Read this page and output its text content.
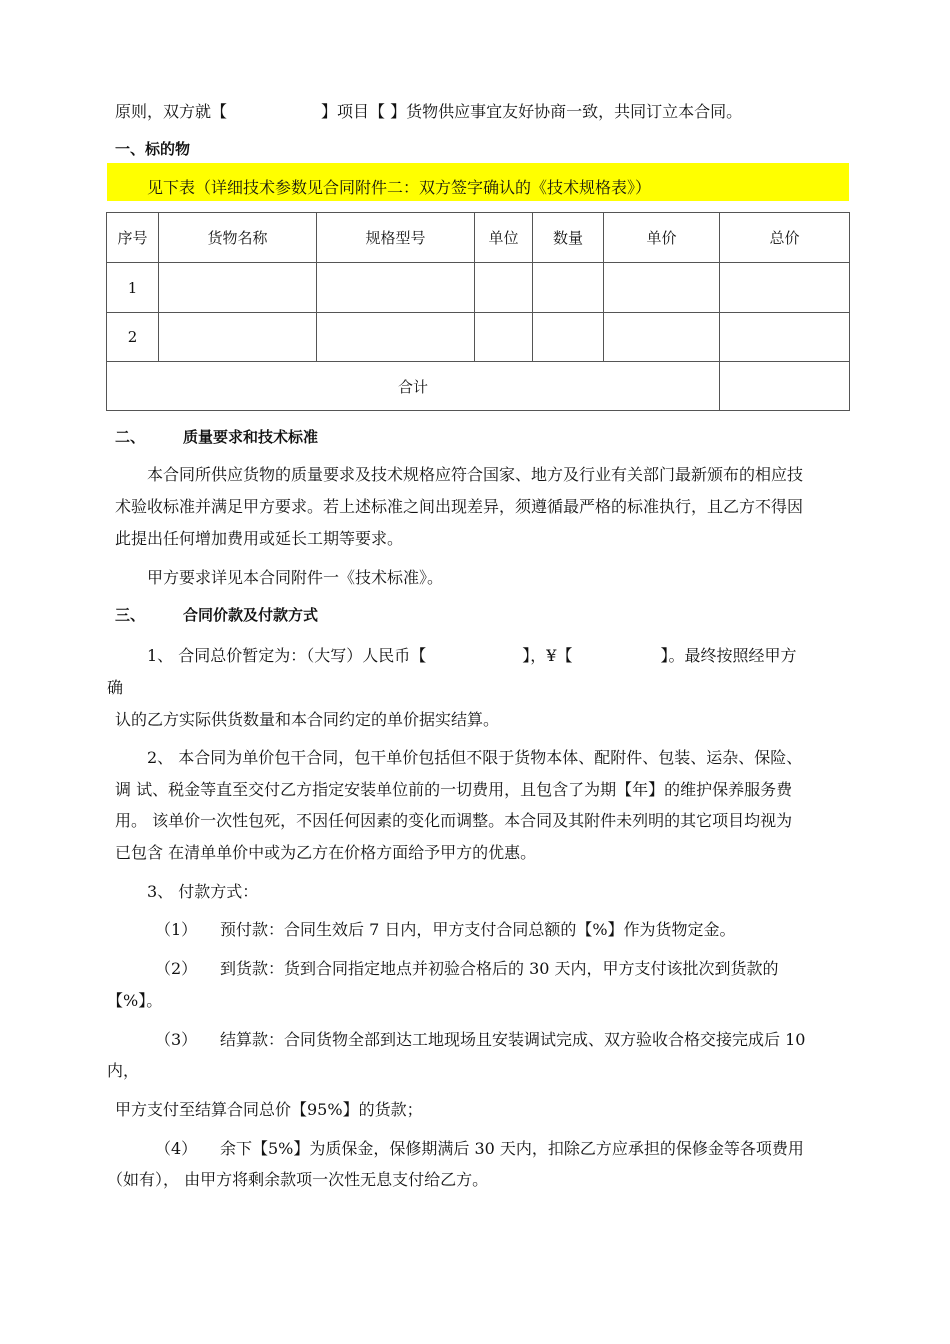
原则，双方就【	】项目【 】货物供应事宜友好协商一致，共同订立本合同。
一、标的物
见下表（详细技术参数见合同附件二：双方签字确认的《技术规格表》）
序号	货物名称	规格型号	单位	数量	单价	总价
1						
2						
合计						
二、	质量要求和技术标准
本合同所供应货物的质量要求及技术规格应符合国家、地方及行业有关部门最新颁布的相应技
术验收标准并满足甲方要求。若上述标准之间出现差异，须遵循最严格的标准执行，且乙方不得因
此提出任何增加费用或延长工期等要求。
甲方要求详见本合同附件一《技术标准》。
三、	合同价款及付款方式
1、 合同总价暂定为：（大写）人民币【	】，¥【	】。最终按照经甲方
确
认的乙方实际供货数量和本合同约定的单价据实结算。
2、 本合同为单价包干合同，包干单价包括但不限于货物本体、配附件、包装、运杂、保险、
调 试、税金等直至交付乙方指定安装单位前的一切费用，且包含了为期【年】的维护保养服务费
用。 该单价一次性包死，不因任何因素的变化而调整。本合同及其附件未列明的其它项目均视为
已包含 在清单单价中或为乙方在价格方面给予甲方的优惠。
3、 付款方式：
（1） 预付款：合同生效后 7 日内，甲方支付合同总额的【%】作为货物定金。
（2） 到货款：货到合同指定地点并初验合格后的 30 天内，甲方支付该批次到货款的
【%】。
（3） 结算款：合同货物全部到达工地现场且安装调试完成、双方验收合格交接完成后 10
内，
甲方支付至结算合同总价【95%】的货款；
（4） 余下【5%】为质保金，保修期满后 30 天内，扣除乙方应承担的保修金等各项费用
（如有）， 由甲方将剩余款项一次性无息支付给乙方。
